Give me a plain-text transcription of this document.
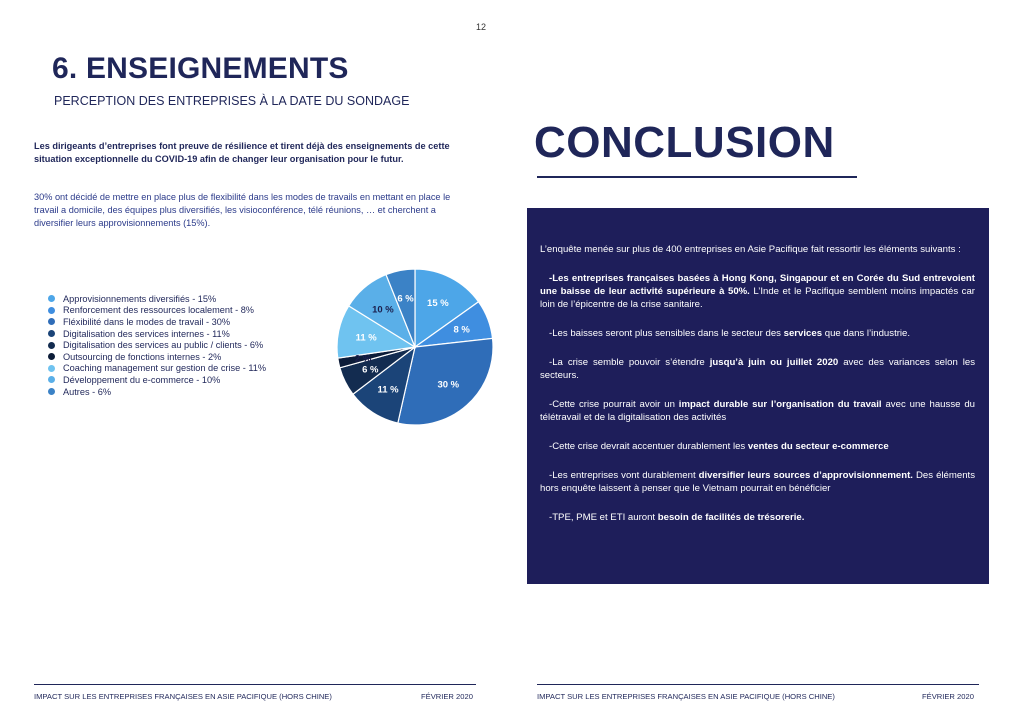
12
6. ENSEIGNEMENTS
PERCEPTION DES ENTREPRISES À LA DATE DU SONDAGE

Les dirigeants d’entreprises font preuve de résilience et tirent déjà des enseignements de cette situation exceptionnelle du COVID-19 afin de changer leur organisation pour le futur.

30% ont décidé de mettre en place plus de flexibilité dans les modes de travails en mettant en place le travail a domicile, des équipes plus diversifiés, les visioconférence, télé réunions, … et cherchent a diversifier leurs approvisionnements (15%).

Approvisionnements diversifiés - 15%
Renforcement des ressources localement - 8%
Fléxibilité dans le modes de travail - 30%
Digitalisation des services internes - 11%
Digitalisation des services au public / clients - 6%
Outsourcing de fonctions internes - 2%
Coaching management sur gestion de crise - 11%
Développement du e-commerce - 10%
Autres - 6%
15 %
8 %
30 %
11 %
6 %
2 %
11 %
10 %
6 %
CONCLUSION

L’enquête menée sur plus de 400 entreprises en Asie Pacifique fait ressortir les éléments suivants :

-Les entreprises françaises basées à Hong Kong, Singapour et en Corée du Sud entrevoient une baisse de leur activité supérieure à 50%. L’Inde et le Pacifique semblent moins impactés car loin de l’épicentre de la crise sanitaire.

-Les baisses seront plus sensibles dans le secteur des services que dans l’industrie.

-La crise semble pouvoir s’étendre jusqu’à juin ou juillet 2020 avec des variances selon les secteurs.

-Cette crise pourrait avoir un impact durable sur l’organisation du travail avec une hausse du télétravail et de la digitalisation des activités

-Cette crise devrait accentuer durablement les ventes du secteur e-commerce

-Les entreprises vont durablement diversifier leurs sources d’approvisionnement. Des éléments hors enquête laissent à penser que le Vietnam pourrait en bénéficier

-TPE, PME et ETI auront besoin de facilités de trésorerie.

IMPACT SUR LES ENTREPRISES FRANÇAISES EN ASIE PACIFIQUE (HORS CHINE)	FÉVRIER 2020	IMPACT SUR LES ENTREPRISES FRANÇAISES EN ASIE PACIFIQUE (HORS CHINE)	FÉVRIER 2020
